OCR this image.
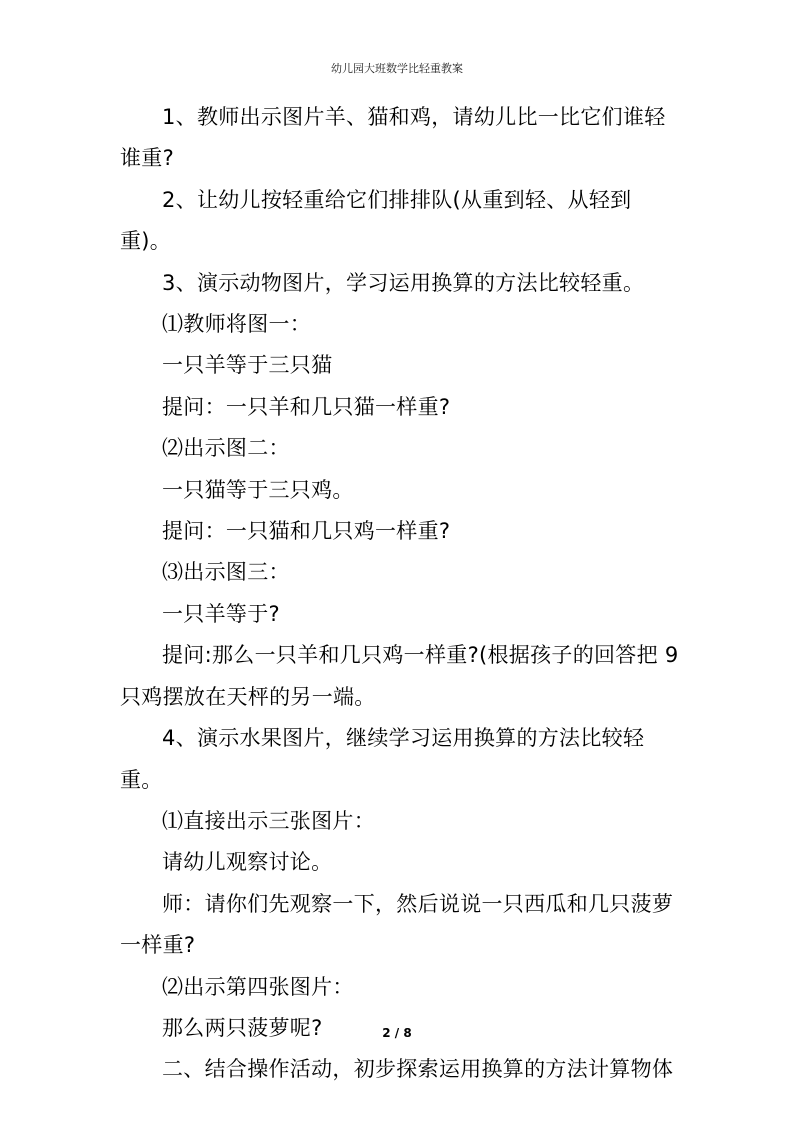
幼儿园大班数学比轻重教案

1、教师出示图片羊、猫和鸡，请幼儿比一比它们谁轻谁重?

2、让幼儿按轻重给它们排排队(从重到轻、从轻到重)。

3、演示动物图片，学习运用换算的方法比较轻重。

⑴教师将图一：

一只羊等于三只猫

提问：一只羊和几只猫一样重?

⑵出示图二：

一只猫等于三只鸡。

提问：一只猫和几只鸡一样重?

⑶出示图三：

一只羊等于?

提问:那么一只羊和几只鸡一样重?(根据孩子的回答把 9 只鸡摆放在天枰的另一端。

4、演示水果图片，继续学习运用换算的方法比较轻重。

⑴直接出示三张图片：

请幼儿观察讨论。

师：请你们先观察一下，然后说说一只西瓜和几只菠萝一样重?

⑵出示第四张图片：

那么两只菠萝呢?

二、结合操作活动，初步探索运用换算的方法计算物体

2 / 8
